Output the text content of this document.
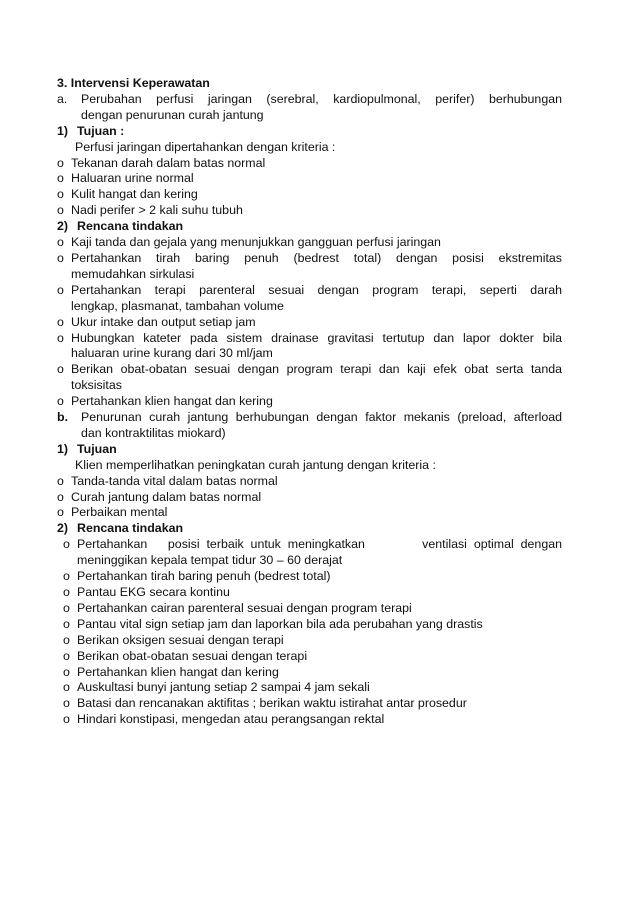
3. Intervensi Keperawatan
a.	Perubahan perfusi jaringan (serebral, kardiopulmonal, perifer) berhubungan
dengan penurunan curah jantung
1) Tujuan :
Perfusi jaringan dipertahankan dengan kriteria :
o Tekanan darah dalam batas normal
o Haluaran urine normal
o Kulit hangat dan kering
o Nadi perifer > 2 kali suhu tubuh
2) Rencana tindakan
o Kaji tanda dan gejala yang menunjukkan gangguan perfusi jaringan
o Pertahankan tirah baring penuh (bedrest total) dengan posisi ekstremitas
memudahkan sirkulasi
o Pertahankan terapi parenteral sesuai dengan program terapi, seperti darah
lengkap, plasmanat, tambahan volume
o Ukur intake dan output setiap jam
o Hubungkan kateter pada sistem drainase gravitasi tertutup dan lapor dokter bila
haluaran urine kurang dari 30 ml/jam
o Berikan obat-obatan sesuai dengan program terapi dan kaji efek obat serta tanda
toksisitas
o Pertahankan klien hangat dan kering
b.	Penurunan curah jantung berhubungan dengan faktor mekanis (preload, afterload
dan kontraktilitas miokard)
1) Tujuan
Klien memperlihatkan peningkatan curah jantung dengan kriteria :
o Tanda-tanda vital dalam batas normal
o Curah jantung dalam batas normal
o Perbaikan mental
2) Rencana tindakan
o Pertahankan      posisi  terbaik  untuk  meningkatkan	ventilasi  optimal  dengan
meninggikan kepala tempat tidur 30 – 60 derajat
o Pertahankan tirah baring penuh (bedrest total)
o Pantau EKG secara kontinu
o Pertahankan cairan parenteral sesuai dengan program terapi
o Pantau vital sign setiap jam dan laporkan bila ada perubahan yang drastis
o Berikan oksigen sesuai dengan terapi
o Berikan obat-obatan sesuai dengan terapi
o Pertahankan klien hangat dan kering
o Auskultasi bunyi jantung setiap 2 sampai 4 jam sekali
o Batasi dan rencanakan aktifitas ; berikan waktu istirahat antar prosedur
o Hindari konstipasi, mengedan atau perangsangan rektal
